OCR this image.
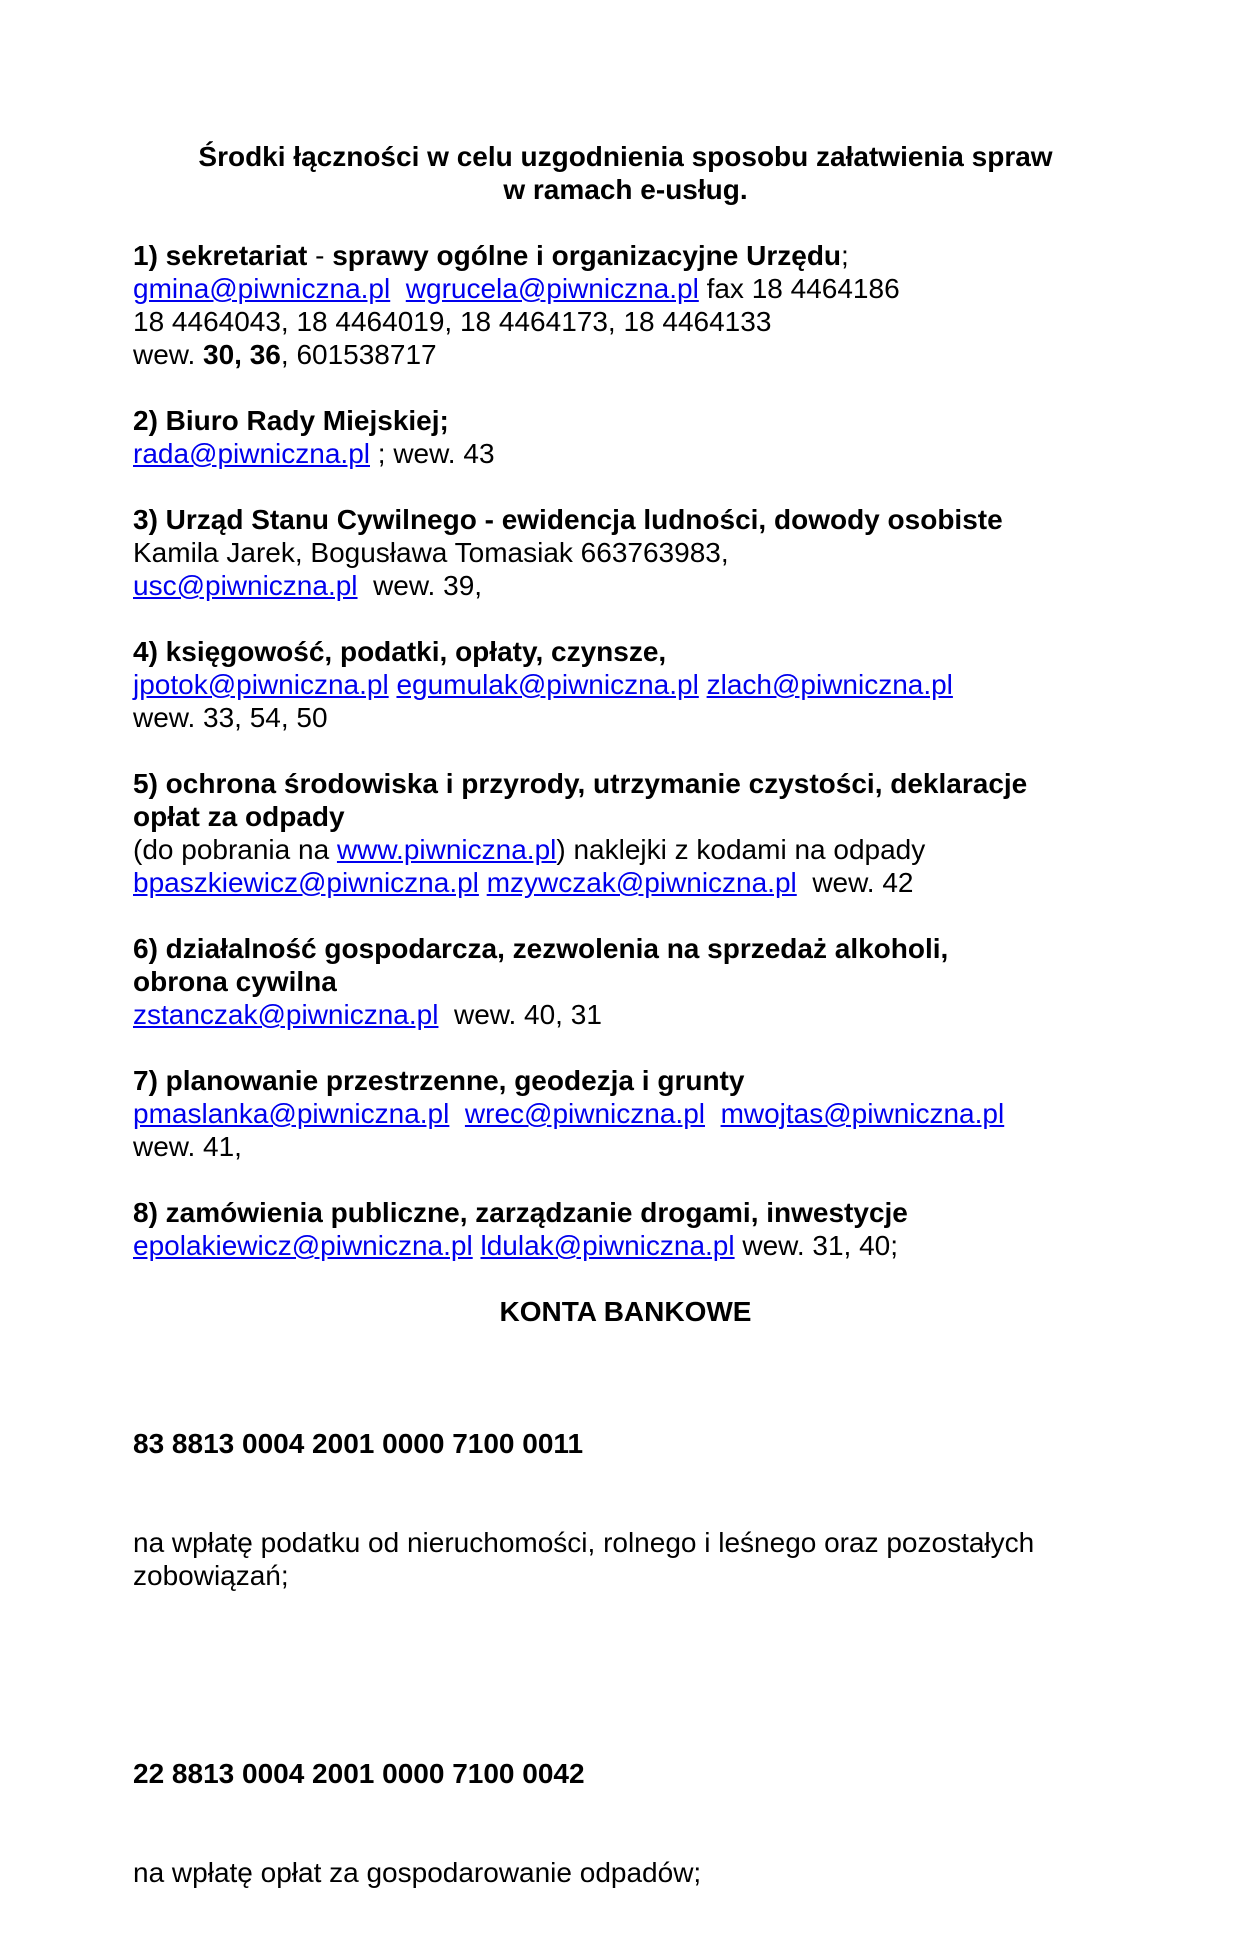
Środki łączności w celu uzgodnienia sposobu załatwienia spraw
w ramach e-usług.

1) sekretariat - sprawy ogólne i organizacyjne Urzędu;
gmina@piwniczna.pl wgrucela@piwniczna.pl fax 18 4464186
18 4464043, 18 4464019, 18 4464173, 18 4464133
wew. 30, 36, 601538717

2) Biuro Rady Miejskiej;
rada@piwniczna.pl ; wew. 43

3) Urząd Stanu Cywilnego - ewidencja ludności, dowody osobiste
Kamila Jarek, Bogusława Tomasiak 663763983,
usc@piwniczna.pl  wew. 39,

4) księgowość, podatki, opłaty, czynsze,
jpotok@piwniczna.pl egumulak@piwniczna.pl zlach@piwniczna.pl
wew. 33, 54, 50

5) ochrona środowiska i przyrody, utrzymanie czystości, deklaracje
opłat za odpady
(do pobrania na www.piwniczna.pl) naklejki z kodami na odpady
bpaszkiewicz@piwniczna.pl mzywczak@piwniczna.pl  wew. 42

6) działalność gospodarcza, zezwolenia na sprzedaż alkoholi,
obrona cywilna
zstanczak@piwniczna.pl  wew. 40, 31

7) planowanie przestrzenne, geodezja i grunty
pmaslanka@piwniczna.pl wrec@piwniczna.pl mwojtas@piwniczna.pl
wew. 41,

8) zamówienia publiczne, zarządzanie drogami, inwestycje
epolakiewicz@piwniczna.pl ldulak@piwniczna.pl wew. 31, 40;

KONTA BANKOWE

83 8813 0004 2001 0000 7100 0011

na wpłatę podatku od nieruchomości, rolnego i leśnego oraz pozostałych zobowiązań;

22 8813 0004 2001 0000 7100 0042

na wpłatę opłat za gospodarowanie odpadów;
